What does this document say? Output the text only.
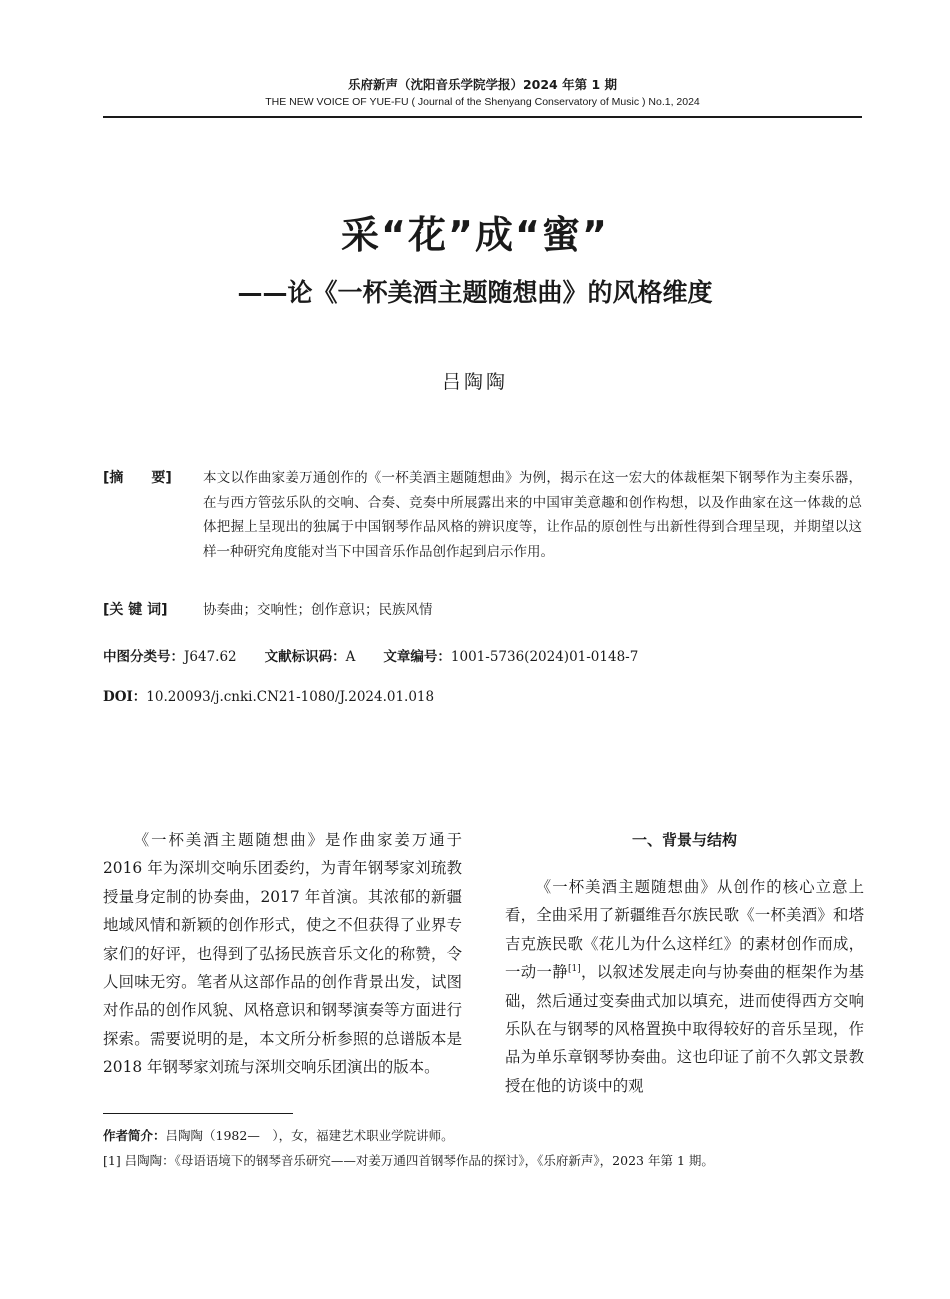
乐府新声（沈阳音乐学院学报）2024 年第 1 期
THE NEW VOICE OF YUE-FU ( Journal of the Shenyang Conservatory of Music ) No.1, 2024
采“花”成“蜜”
——论《一杯美酒主题随想曲》的风格维度
吕陶陶
[摘　　要] 本文以作曲家姜万通创作的《一杯美酒主题随想曲》为例，揭示在这一宏大的体裁框架下钢琴作为主奏乐器，在与西方管弦乐队的交响、合奏、竞奏中所展露出来的中国审美意趣和创作构想，以及作曲家在这一体裁的总体把握上呈现出的独属于中国钢琴作品风格的辨识度等，让作品的原创性与出新性得到合理呈现，并期望以这样一种研究角度能对当下中国音乐作品创作起到启示作用。
[关 键 词]	协奏曲；交响性；创作意识；民族风情
中图分类号：J647.62 文献标识码：A 文章编号：1001-5736(2024)01-0148-7
DOI：10.20093/j.cnki.CN21-1080/J.2024.01.018

《一杯美酒主题随想曲》是作曲家姜万通于 2016 年为深圳交响乐团委约，为青年钢琴家刘琉教授量身定制的协奏曲，2017 年首演。其浓郁的新疆地域风情和新颖的创作形式，使之不但获得了业界专家们的好评，也得到了弘扬民族音乐文化的称赞，令人回味无穷。笔者从这部作品的创作背景出发，试图对作品的创作风貌、风格意识和钢琴演奏等方面进行探索。需要说明的是，本文所分析参照的总谱版本是 2018 年钢琴家刘琉与深圳交响乐团演出的版本。

一、背景与结构

《一杯美酒主题随想曲》从创作的核心立意上看，全曲采用了新疆维吾尔族民歌《一杯美酒》和塔吉克族民歌《花儿为什么这样红》的素材创作而成，一动一静[1]，以叙述发展走向与协奏曲的框架作为基础，然后通过变奏曲式加以填充，进而使得西方交响乐队在与钢琴的风格置换中取得较好的音乐呈现，作品为单乐章钢琴协奏曲。这也印证了前不久郭文景教授在他的访谈中的观

作者简介：吕陶陶（1982—　），女，福建艺术职业学院讲师。
[1] 吕陶陶：《母语语境下的钢琴音乐研究——对姜万通四首钢琴作品的探讨》，《乐府新声》，2023 年第 1 期。
